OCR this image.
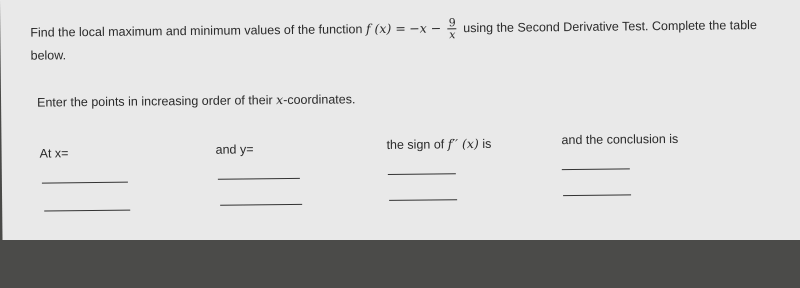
Find the local maximum and minimum values of the function f $(x) = -x - \frac{9}{x}$ using the Second Derivative Test. Complete the table below.
Enter the points in increasing order of their x-coordinates.
At x=	and y=	the sign of f′′ (x) is	and the conclusion is
